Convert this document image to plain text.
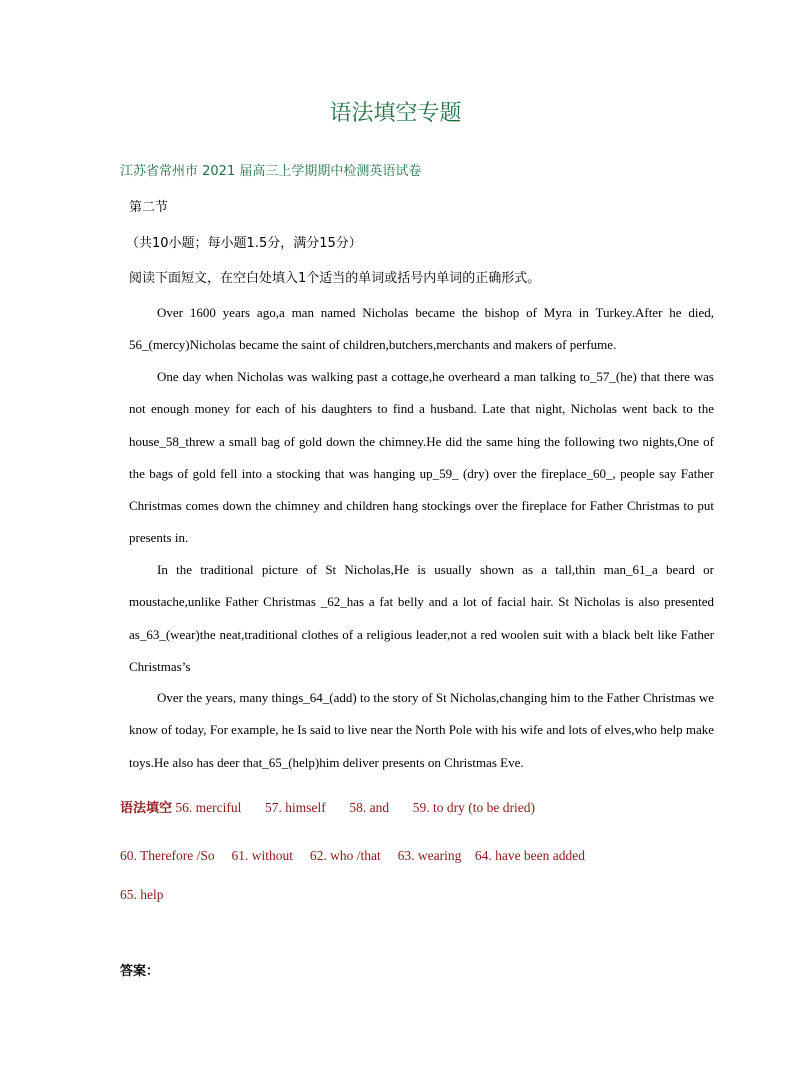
语法填空专题
江苏省常州市 2021 届高三上学期期中检测英语试卷
第二节
（共10小题；每小题1.5分，满分15分）
阅读下面短文，在空白处填入1个适当的单词或括号内单词的正确形式。

Over 1600 years ago,a man named Nicholas became the bishop of Myra in Turkey.After he died, 56_(mercy)Nicholas became the saint of children,butchers,merchants and makers of perfume.

One day when Nicholas was walking past a cottage,he overheard a man talking to_57_(he) that there was not enough money for each of his daughters to find a husband. Late that night, Nicholas went back to the house_58_threw a small bag of gold down the chimney.He did the same hing the following two nights,One of the bags of gold fell into a stocking that was hanging up_59_ (dry) over the fireplace_60_, people say Father Christmas comes down the chimney and children hang stockings over the fireplace for Father Christmas to put presents in.

In the traditional picture of St Nicholas,He is usually shown as a tall,thin man_61_a beard or moustache,unlike Father Christmas _62_has a fat belly and a lot of facial hair. St Nicholas is also presented as_63_(wear)the neat,traditional clothes of a religious leader,not a red woolen suit with a black belt like Father Christmas’s

Over the years, many things_64_(add) to the story of St Nicholas,changing him to the Father Christmas we know of today, For example, he Is said to live near the North Pole with his wife and lots of elves,who help make toys.He also has deer that_65_(help)him deliver presents on Christmas Eve.

语法填空 56. merciful       57. himself       58. and       59. to dry (to be dried)
60. Therefore /So     61. without     62. who /that     63. wearing    64. have been added
65. help
答案：
